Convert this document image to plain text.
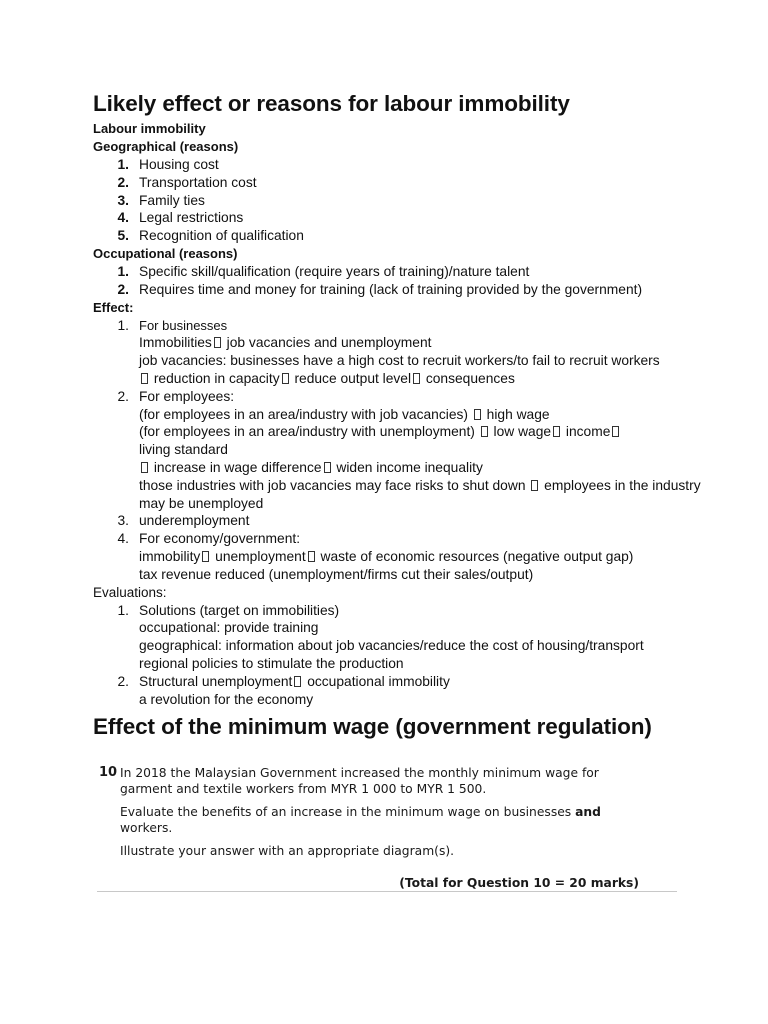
Likely effect or reasons for labour immobility
Labour immobility
Geographical (reasons)
1. Housing cost
2. Transportation cost
3. Family ties
4. Legal restrictions
5. Recognition of qualification
Occupational (reasons)
1. Specific skill/qualification (require years of training)/nature talent
2. Requires time and money for training (lack of training provided by the government)
Effect:
1. For businesses
Immobilities job vacancies and unemployment
job vacancies: businesses have a high cost to recruit workers/to fail to recruit workers
reduction in capacity reduce output level consequences
2. For employees:
(for employees in an area/industry with job vacancies)  high wage
(for employees in an area/industry with unemployment)  low wage income
living standard
increase in wage difference widen income inequality
those industries with job vacancies may face risks to shut down  employees in the industry may be unemployed
3. underemployment
4. For economy/government:
immobility unemployment waste of economic resources (negative output gap)
tax revenue reduced (unemployment/firms cut their sales/output)
Evaluations:
1. Solutions (target on immobilities)
occupational: provide training
geographical: information about job vacancies/reduce the cost of housing/transport
regional policies to stimulate the production
2. Structural unemployment occupational immobility
a revolution for the economy
Effect of the minimum wage (government regulation)
10 In 2018 the Malaysian Government increased the monthly minimum wage for garment and textile workers from MYR 1 000 to MYR 1 500.

Evaluate the benefits of an increase in the minimum wage on businesses and workers.

Illustrate your answer with an appropriate diagram(s).

(Total for Question 10 = 20 marks)
